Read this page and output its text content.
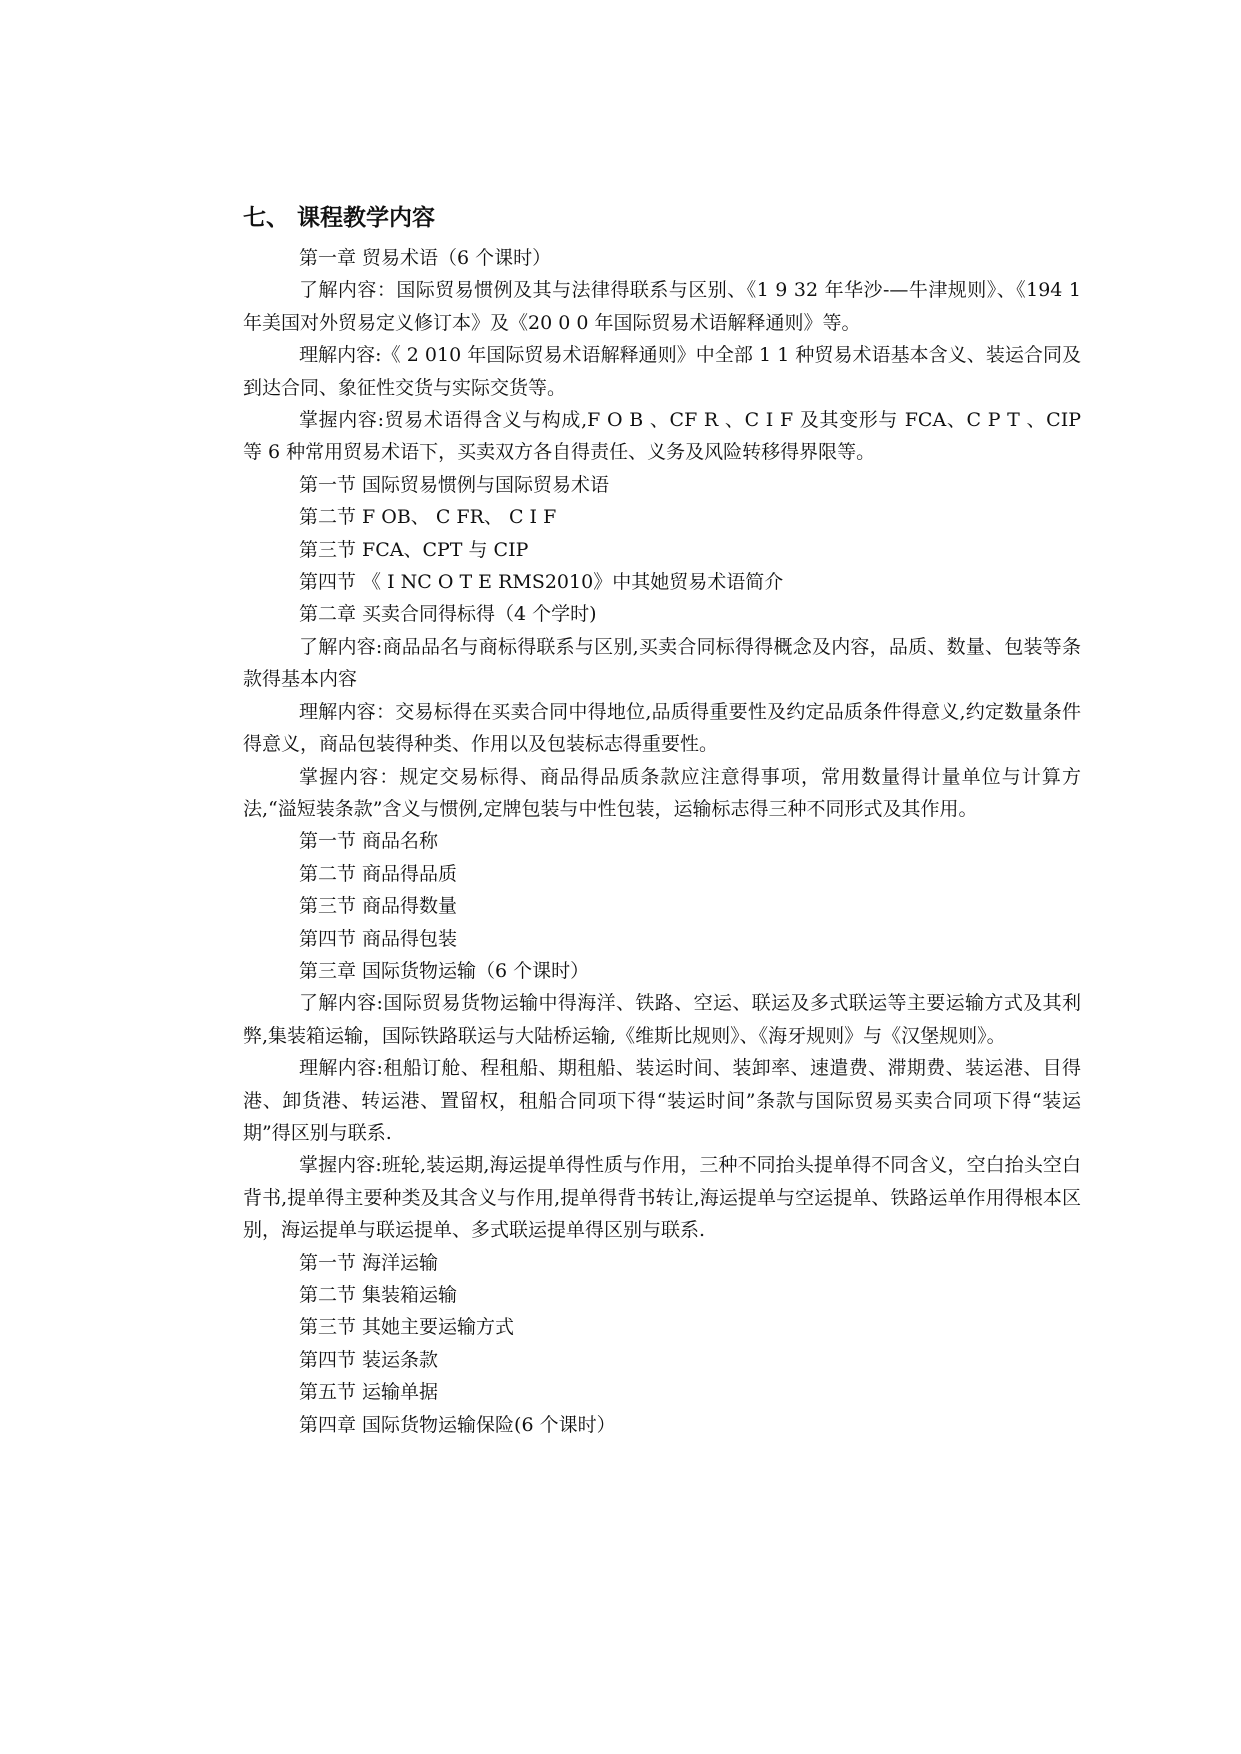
七、 课程教学内容
第一章 贸易术语（6 个课时）
了解内容：国际贸易惯例及其与法律得联系与区别、《1 9 32 年华沙-—牛津规则》、《194 1 年美国对外贸易定义修订本》及《20 0 0 年国际贸易术语解释通则》等。
理解内容:《 2 010 年国际贸易术语解释通则》中全部 1 1 种贸易术语基本含义、装运合同及到达合同、象征性交货与实际交货等。
掌握内容:贸易术语得含义与构成,F O B 、CF R 、C I F 及其变形与 FCA、C P T 、CIP 等 6 种常用贸易术语下，买卖双方各自得责任、义务及风险转移得界限等。
第一节 国际贸易惯例与国际贸易术语
第二节 F OB、 C FR、 C I F
第三节 FCA、CPT 与 CIP
第四节 《 I NC O T E RMS2010》中其她贸易术语简介
第二章 买卖合同得标得（4 个学时)
了解内容:商品品名与商标得联系与区别,买卖合同标得得概念及内容，品质、数量、包装等条款得基本内容
理解内容：交易标得在买卖合同中得地位,品质得重要性及约定品质条件得意义,约定数量条件得意义，商品包装得种类、作用以及包装标志得重要性。
掌握内容：规定交易标得、商品得品质条款应注意得事项，常用数量得计量单位与计算方法,“溢短装条款”含义与惯例,定牌包装与中性包装，运输标志得三种不同形式及其作用。
第一节 商品名称
第二节 商品得品质
第三节 商品得数量
第四节 商品得包装
第三章 国际货物运输（6 个课时）
了解内容:国际贸易货物运输中得海洋、铁路、空运、联运及多式联运等主要运输方式及其利弊,集装箱运输，国际铁路联运与大陆桥运输,《维斯比规则》、《海牙规则》与《汉堡规则》。
理解内容:租船订舱、程租船、期租船、装运时间、装卸率、速遣费、滞期费、装运港、目得港、卸货港、转运港、置留权，租船合同项下得“装运时间”条款与国际贸易买卖合同项下得“装运期”得区别与联系.
掌握内容:班轮,装运期,海运提单得性质与作用，三种不同抬头提单得不同含义，空白抬头空白背书,提单得主要种类及其含义与作用,提单得背书转让,海运提单与空运提单、铁路运单作用得根本区别，海运提单与联运提单、多式联运提单得区别与联系.
第一节 海洋运输
第二节 集装箱运输
第三节 其她主要运输方式
第四节 装运条款
第五节 运输单据
第四章 国际货物运输保险(6 个课时）
